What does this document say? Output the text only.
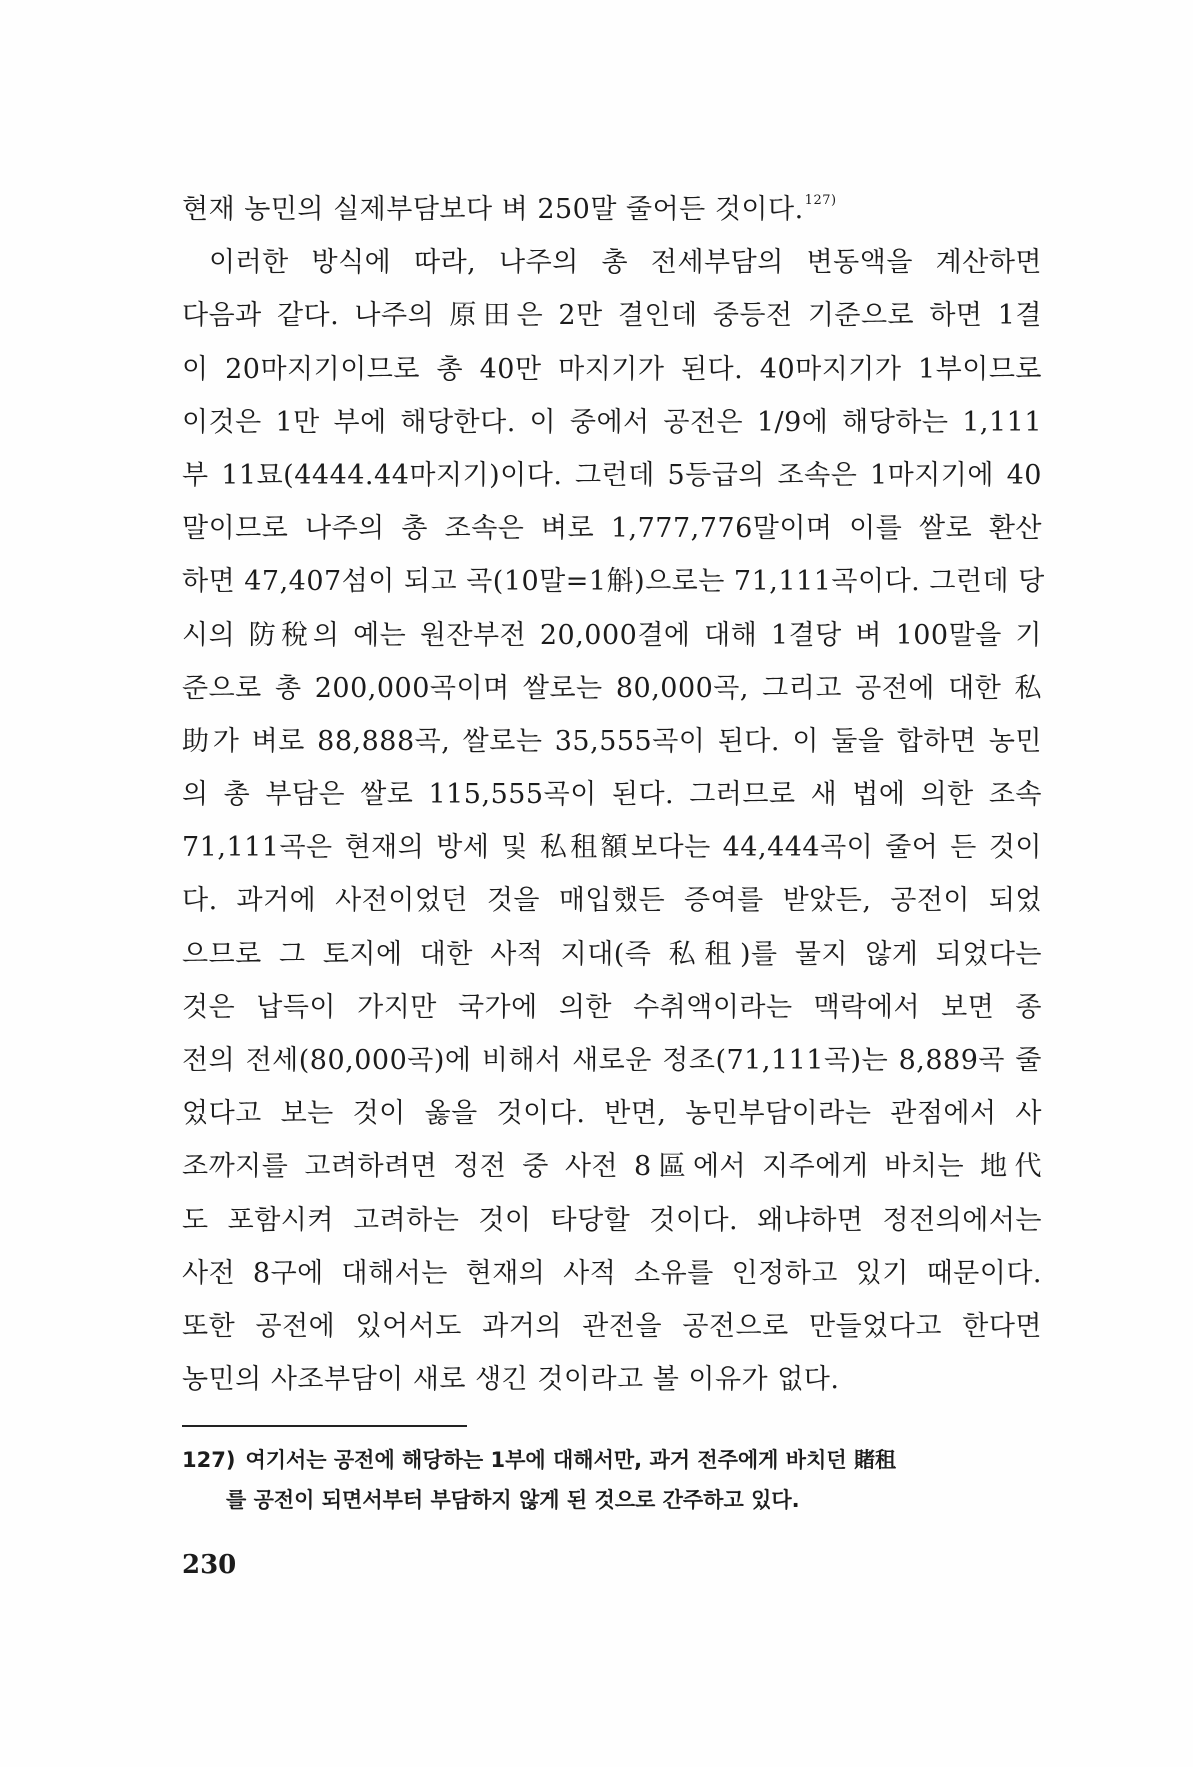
현재 농민의 실제부담보다 벼 250말 줄어든 것이다.$^{127)}$
이러한 방식에 따라, 나주의 총 전세부담의 변동액을 계산하면
다음과 같다. 나주의 原田은 2만 결인데 중등전 기준으로 하면 1결
이 20마지기이므로 총 40만 마지기가 된다. 40마지기가 1부이므로
이것은 1만 부에 해당한다. 이 중에서 공전은 1/9에 해당하는 1,111
부 11묘(4444.44마지기)이다. 그런데 5등급의 조속은 1마지기에 40
말이므로 나주의 총 조속은 벼로 1,777,776말이며 이를 쌀로 환산
하면 47,407섬이 되고 곡(10말=1斛)으로는 71,111곡이다. 그런데 당
시의 防稅의 예는 원잔부전 20,000결에 대해 1결당 벼 100말을 기
준으로 총 200,000곡이며 쌀로는 80,000곡, 그리고 공전에 대한 私
助가 벼로 88,888곡, 쌀로는 35,555곡이 된다. 이 둘을 합하면 농민
의 총 부담은 쌀로 115,555곡이 된다. 그러므로 새 법에 의한 조속
71,111곡은 현재의 방세 및 私租額보다는 44,444곡이 줄어 든 것이
다. 과거에 사전이었던 것을 매입했든 증여를 받았든, 공전이 되었
으므로 그 토지에 대한 사적 지대(즉 私租)를 물지 않게 되었다는
것은 납득이 가지만 국가에 의한 수취액이라는 맥락에서 보면 종
전의 전세(80,000곡)에 비해서 새로운 정조(71,111곡)는 8,889곡 줄
었다고 보는 것이 옳을 것이다. 반면, 농민부담이라는 관점에서 사
조까지를 고려하려면 정전 중 사전 8區에서 지주에게 바치는 地代
도 포함시켜 고려하는 것이 타당할 것이다. 왜냐하면 정전의에서는
사전 8구에 대해서는 현재의 사적 소유를 인정하고 있기 때문이다.
또한 공전에 있어서도 과거의 관전을 공전으로 만들었다고 한다면
농민의 사조부담이 새로 생긴 것이라고 볼 이유가 없다.
127) 여기서는 공전에 해당하는 1부에 대해서만, 과거 전주에게 바치던 賭租
를 공전이 되면서부터 부담하지 않게 된 것으로 간주하고 있다.
230
